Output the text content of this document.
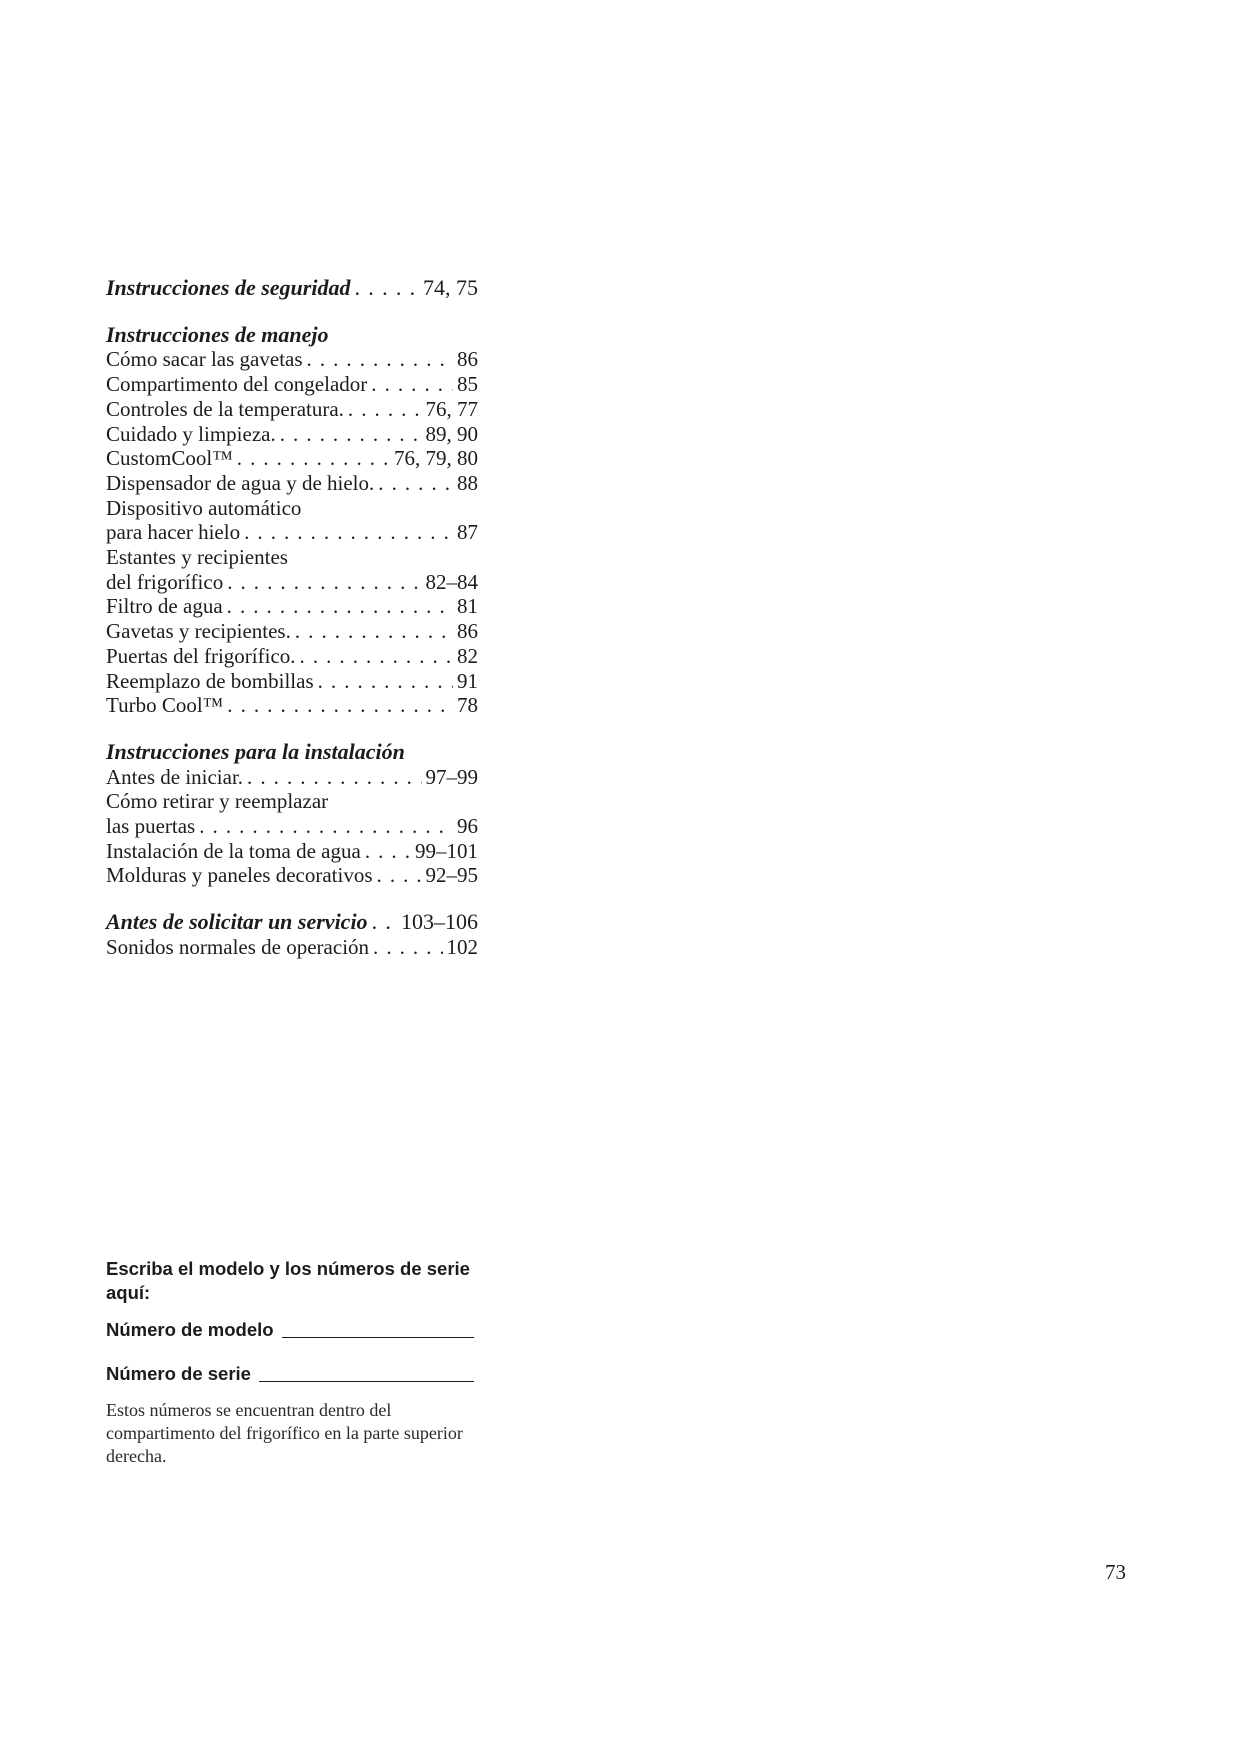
Instrucciones de seguridad . . .	74, 75
Instrucciones de manejo
Cómo sacar las gavetas . . .	86
Compartimento del congelador . . .	85
Controles de la temperatura. . . .	76, 77
Cuidado y limpieza. . . .	89, 90
CustomCool™ . . .	76, 79, 80
Dispensador de agua y de hielo. . . .	88
Dispositivo automático
para hacer hielo . . .	87
Estantes y recipientes
del frigorífico . . .	82–84
Filtro de agua . . .	81
Gavetas y recipientes. . . .	86
Puertas del frigorífico. . . .	82
Reemplazo de bombillas . . .	91
Turbo Cool™ . . .	78
Instrucciones para la instalación
Antes de iniciar. . . .	97–99
Cómo retirar y reemplazar
las puertas . . .	96
Instalación de la toma de agua . . .	99–101
Molduras y paneles decorativos . . .	92–95
Antes de solicitar un servicio . . . 103–106
Sonidos normales de operación . . .	102
Escriba el modelo y los números de serie aquí:
Número de modelo
Número de serie
Estos números se encuentran dentro del compartimento del frigorífico en la parte superior derecha.
73
